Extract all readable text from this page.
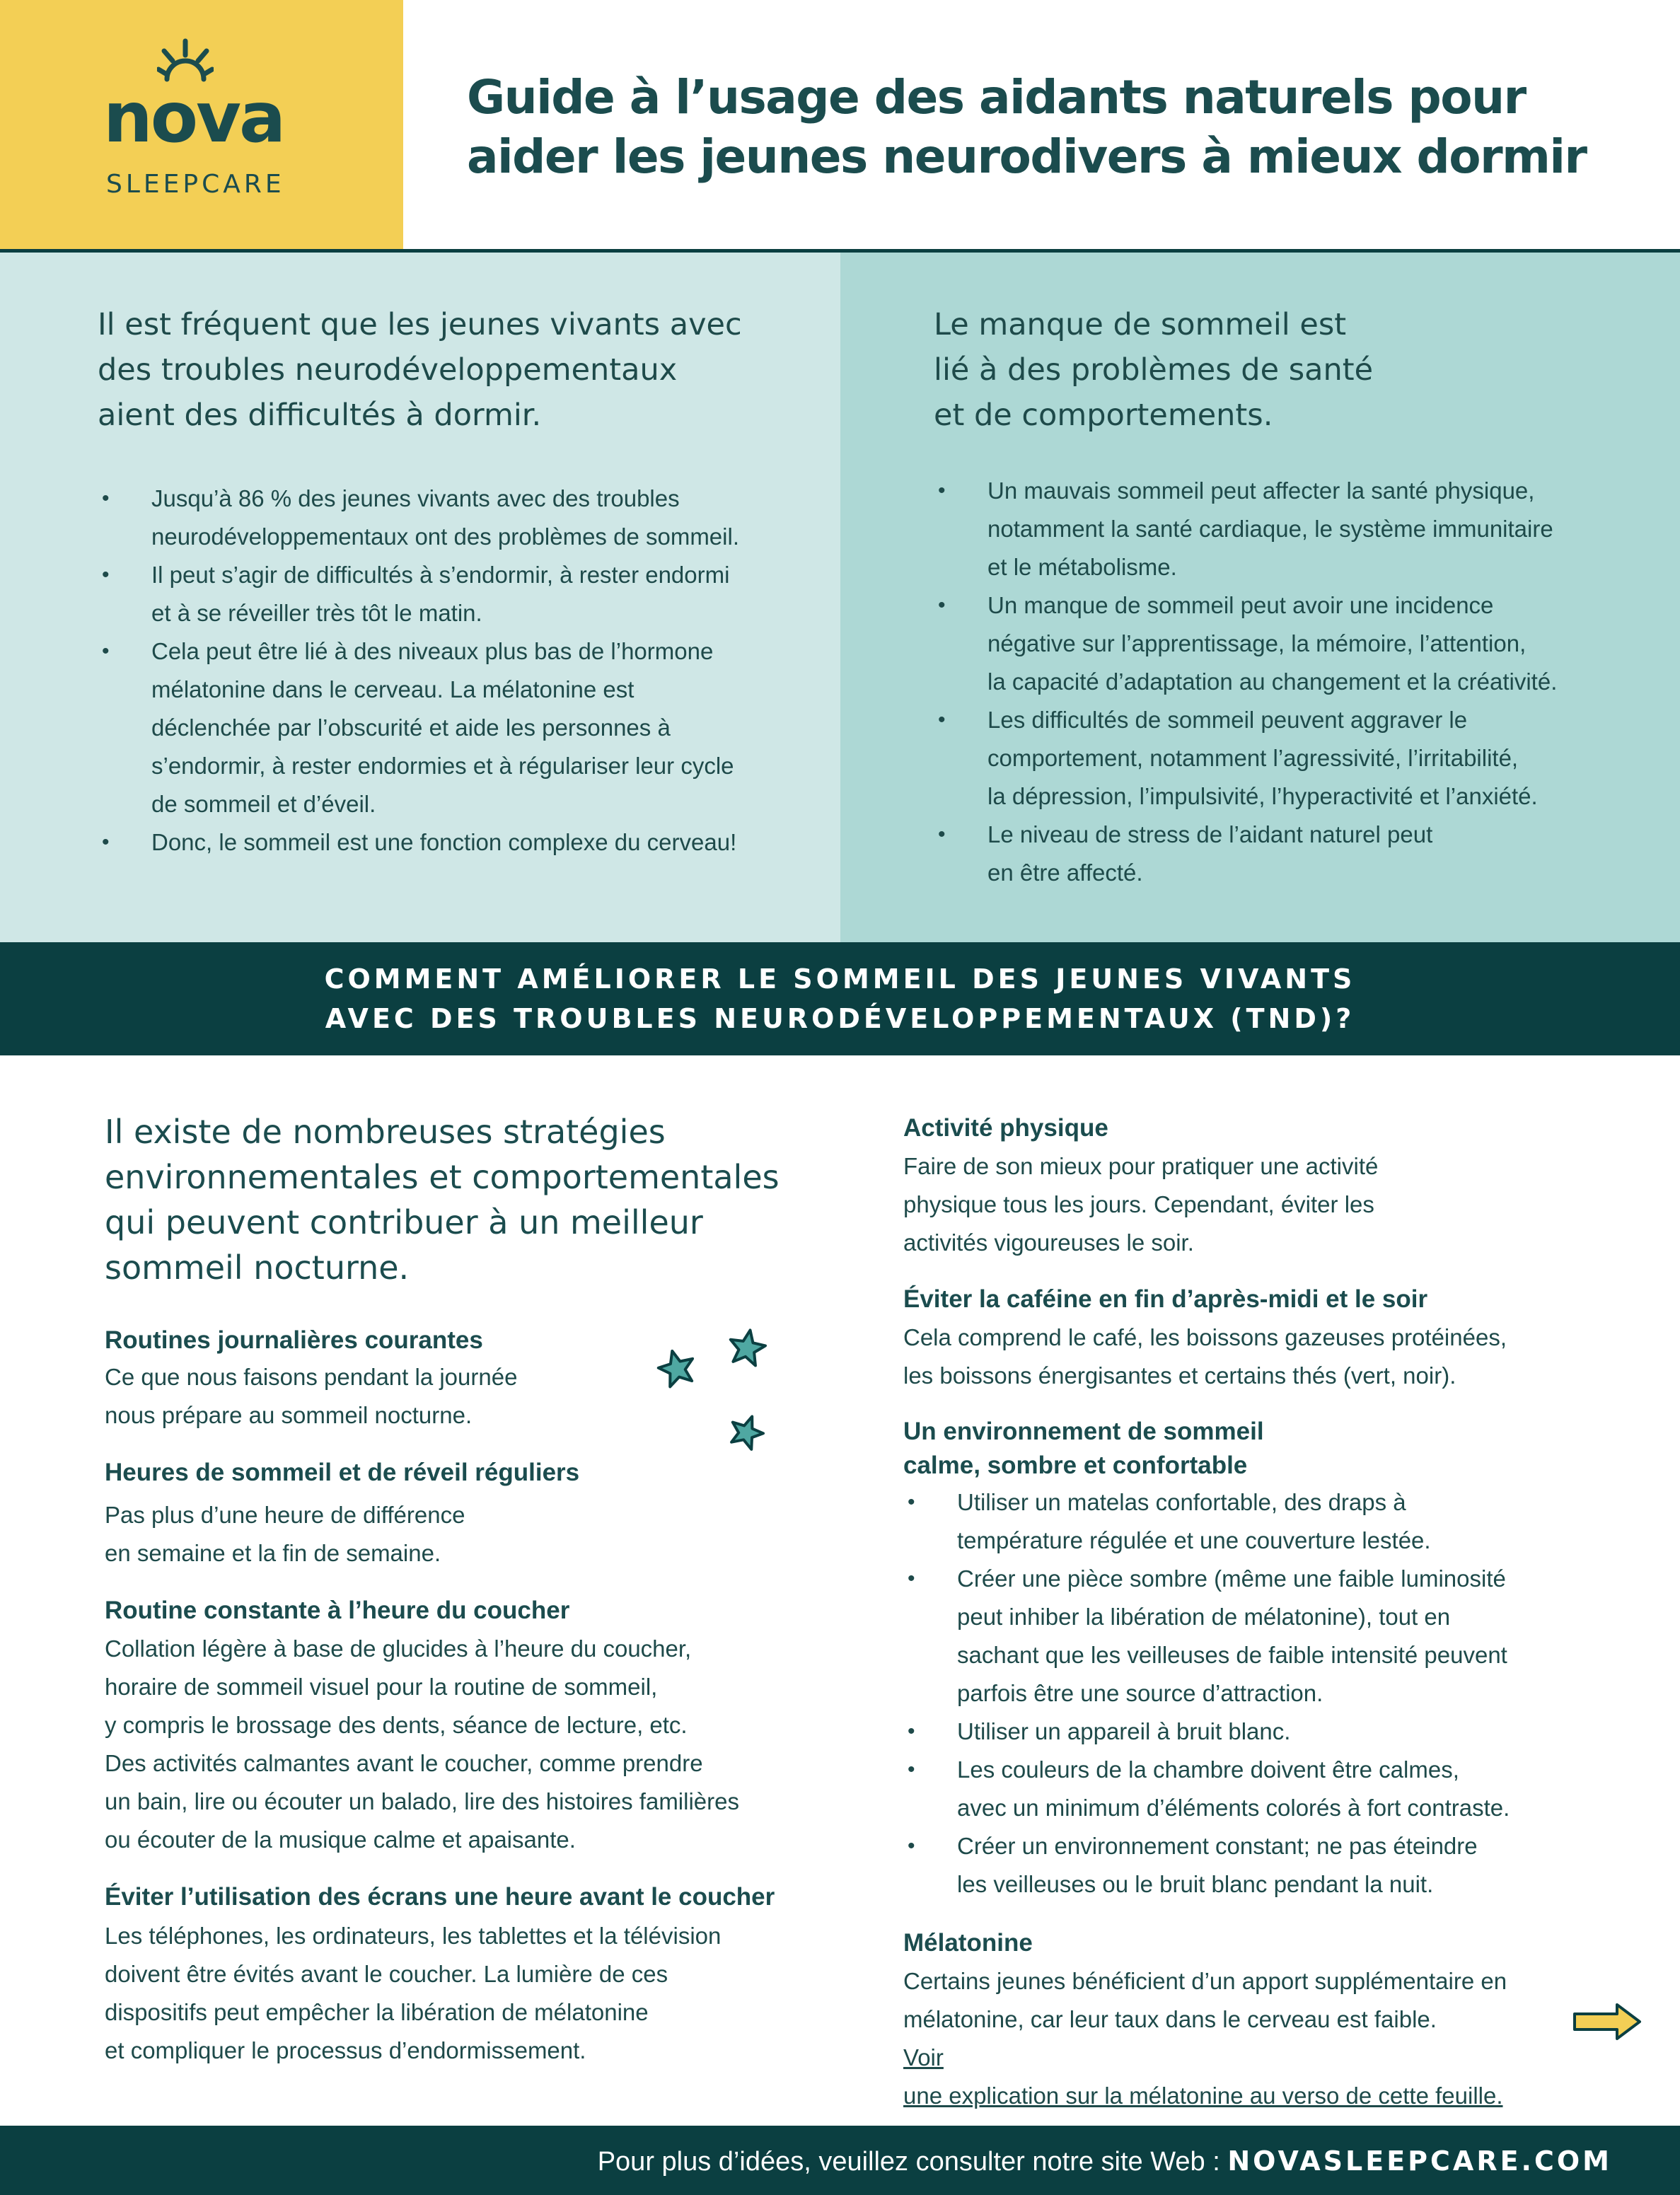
nova
SLEEPCARE
Guide à l’usage des aidants naturels pour
aider les jeunes neurodivers à mieux dormir
Il est fréquent que les jeunes vivants avec
des troubles neurodéveloppementaux
aient des difficultés à dormir.
• Jusqu’à 86 % des jeunes vivants avec des troubles
neurodéveloppementaux ont des problèmes de sommeil.
• Il peut s’agir de difficultés à s’endormir, à rester endormi
et à se réveiller très tôt le matin.
• Cela peut être lié à des niveaux plus bas de l’hormone
mélatonine dans le cerveau. La mélatonine est
déclenchée par l’obscurité et aide les personnes à
s’endormir, à rester endormies et à régulariser leur cycle
de sommeil et d’éveil.
• Donc, le sommeil est une fonction complexe du cerveau!
Le manque de sommeil est
lié à des problèmes de santé
et de comportements.
• Un mauvais sommeil peut affecter la santé physique,
notamment la santé cardiaque, le système immunitaire
et le métabolisme.
• Un manque de sommeil peut avoir une incidence
négative sur l’apprentissage, la mémoire, l’attention,
la capacité d’adaptation au changement et la créativité.
• Les difficultés de sommeil peuvent aggraver le
comportement, notamment l’agressivité, l’irritabilité,
la dépression, l’impulsivité, l’hyperactivité et l’anxiété.
• Le niveau de stress de l’aidant naturel peut
en être affecté.
COMMENT AMÉLIORER LE SOMMEIL DES JEUNES VIVANTS
AVEC DES TROUBLES NEURODÉVELOPPEMENTAUX (TND)?
Il existe de nombreuses stratégies
environnementales et comportementales
qui peuvent contribuer à un meilleur
sommeil nocturne.
Routines journalières courantes
Ce que nous faisons pendant la journée
nous prépare au sommeil nocturne.
Heures de sommeil et de réveil réguliers
Pas plus d’une heure de différence
en semaine et la fin de semaine.
Routine constante à l’heure du coucher
Collation légère à base de glucides à l’heure du coucher,
horaire de sommeil visuel pour la routine de sommeil,
y compris le brossage des dents, séance de lecture, etc.
Des activités calmantes avant le coucher, comme prendre
un bain, lire ou écouter un balado, lire des histoires familières
ou écouter de la musique calme et apaisante.
Éviter l’utilisation des écrans une heure avant le coucher
Les téléphones, les ordinateurs, les tablettes et la télévision
doivent être évités avant le coucher. La lumière de ces
dispositifs peut empêcher la libération de mélatonine
et compliquer le processus d’endormissement.
Activité physique
Faire de son mieux pour pratiquer une activité
physique tous les jours. Cependant, éviter les
activités vigoureuses le soir.
Éviter la caféine en fin d’après-midi et le soir
Cela comprend le café, les boissons gazeuses protéinées,
les boissons énergisantes et certains thés (vert, noir).
Un environnement de sommeil
calme, sombre et confortable
• Utiliser un matelas confortable, des draps à
température régulée et une couverture lestée.
• Créer une pièce sombre (même une faible luminosité
peut inhiber la libération de mélatonine), tout en
sachant que les veilleuses de faible intensité peuvent
parfois être une source d’attraction.
• Utiliser un appareil à bruit blanc.
• Les couleurs de la chambre doivent être calmes,
avec un minimum d’éléments colorés à fort contraste.
• Créer un environnement constant; ne pas éteindre
les veilleuses ou le bruit blanc pendant la nuit.
Mélatonine
Certains jeunes bénéficient d’un apport supplémentaire en
mélatonine, car leur taux dans le cerveau est faible.
Voir
une explication sur la mélatonine au verso de cette feuille.
Pour plus d’idées, veuillez consulter notre site Web : NOVASLEEPCARE.COM
